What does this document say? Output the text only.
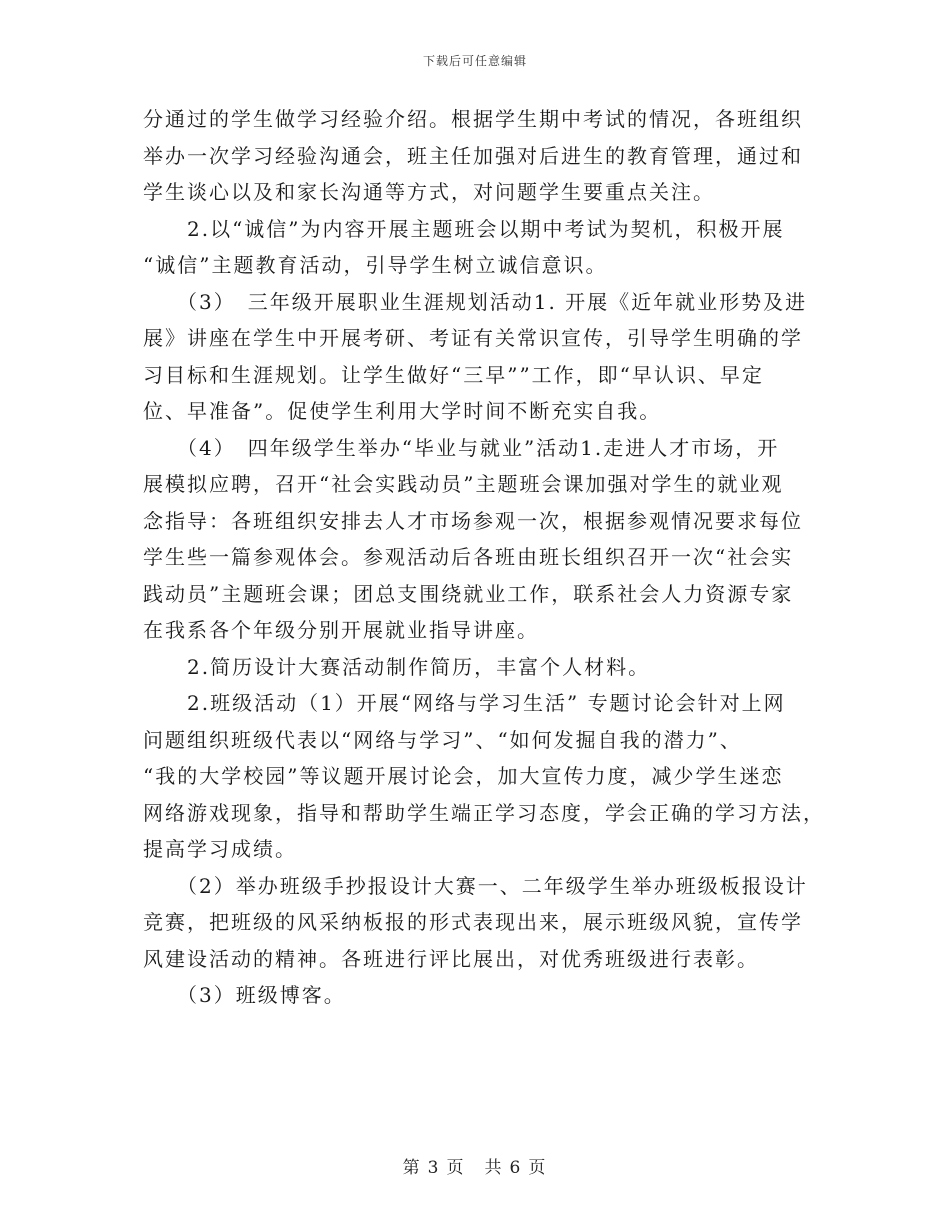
下载后可任意编辑
分通过的学生做学习经验介绍。根据学生期中考试的情况，各班组织
举办一次学习经验沟通会，班主任加强对后进生的教育管理，通过和
学生谈心以及和家长沟通等方式，对问题学生要重点关注。
　　2.以“诚信”为内容开展主题班会以期中考试为契机，积极开展
“诚信”主题教育活动，引导学生树立诚信意识。
　　（3）　三年级开展职业生涯规划活动1. 开展《近年就业形势及进
展》讲座在学生中开展考研、考证有关常识宣传，引导学生明确的学
习目标和生涯规划。让学生做好“三早””工作，即“早认识、早定
位、早准备”。促使学生利用大学时间不断充实自我。
　　（4）　四年级学生举办“毕业与就业”活动1.走进人才市场，开
展模拟应聘，召开“社会实践动员”主题班会课加强对学生的就业观
念指导：各班组织安排去人才市场参观一次，根据参观情况要求每位
学生些一篇参观体会。参观活动后各班由班长组织召开一次“社会实
践动员”主题班会课；团总支围绕就业工作，联系社会人力资源专家
在我系各个年级分别开展就业指导讲座。
　　2.简历设计大赛活动制作简历，丰富个人材料。
　　2.班级活动（1）开展“网络与学习生活” 专题讨论会针对上网
问题组织班级代表以“网络与学习”、“如何发掘自我的潜力”、
“我的大学校园”等议题开展讨论会，加大宣传力度，减少学生迷恋
网络游戏现象，指导和帮助学生端正学习态度，学会正确的学习方法，
提高学习成绩。
　　（2）举办班级手抄报设计大赛一、二年级学生举办班级板报设计
竞赛，把班级的风采纳板报的形式表现出来，展示班级风貌，宣传学
风建设活动的精神。各班进行评比展出，对优秀班级进行表彰。
　　（3）班级博客。
第 3 页　共 6 页
